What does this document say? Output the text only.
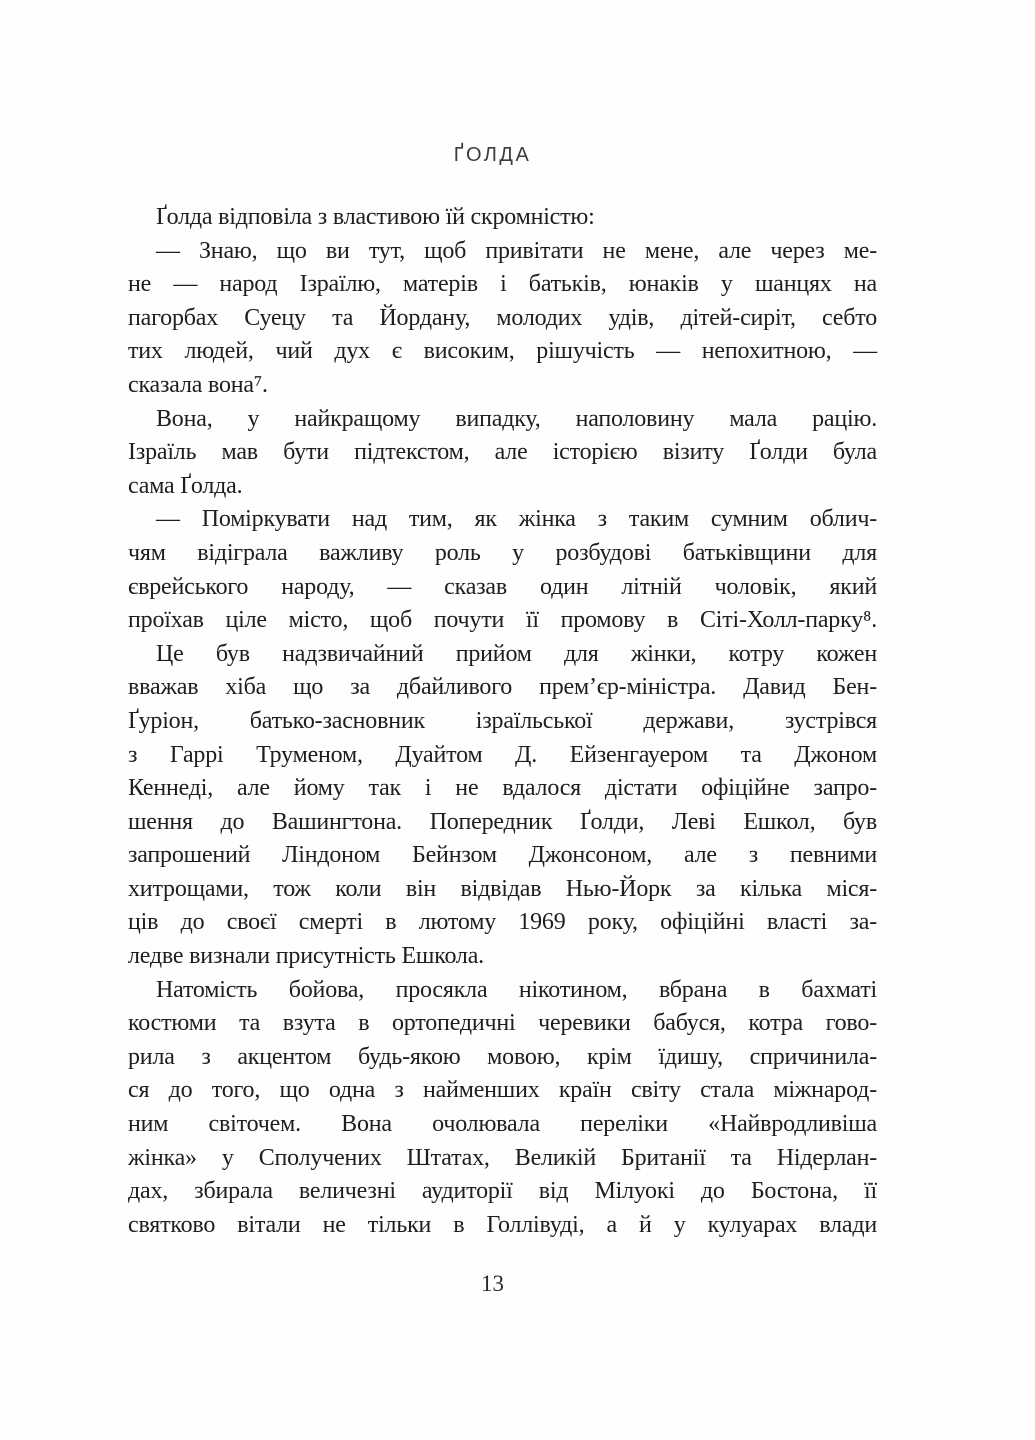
ҐОЛДА
Ґолда відповіла з властивою їй скромністю:
— Знаю, що ви тут, щоб привітати не мене, але через ме-
не — народ Ізраїлю, матерів і батьків, юнаків у шанцях на
пагорбах Суецу та Йордану, молодих удів, дітей-сиріт, себто
тих людей, чий дух є високим, рішучість — непохитною, —
сказала вона⁷.
Вона, у найкращому випадку, наполовину мала рацію.
Ізраїль мав бути підтекстом, але історією візиту Ґолди була
сама Ґолда.
— Поміркувати над тим, як жінка з таким сумним облич-
чям відіграла важливу роль у розбудові батьківщини для
єврейського народу, — сказав один літній чоловік, який
проїхав ціле місто, щоб почути її промову в Сіті-Холл-парку⁸.
Це був надзвичайний прийом для жінки, котру кожен
вважав хіба що за дбайливого прем’єр-міністра. Давид Бен-
Ґуріон, батько-засновник ізраїльської держави, зустрівся
з Гаррі Труменом, Дуайтом Д. Ейзенгауером та Джоном
Кеннеді, але йому так і не вдалося дістати офіційне запро-
шення до Вашингтона. Попередник Ґолди, Леві Ешкол, був
запрошений Ліндоном Бейнзом Джонсоном, але з певними
хитрощами, тож коли він відвідав Нью-Йорк за кілька міся-
ців до своєї смерті в лютому 1969 року, офіційні власті за-
ледве визнали присутність Ешкола.
Натомість бойова, просякла нікотином, вбрана в бахматі
костюми та взута в ортопедичні черевики бабуся, котра гово-
рила з акцентом будь-якою мовою, крім їдишу, спричинила-
ся до того, що одна з найменших країн світу стала міжнарод-
ним світочем. Вона очолювала переліки «Найвродливіша
жінка» у Сполучених Штатах, Великій Британії та Нідерлан-
дах, збирала величезні аудиторії від Мілуокі до Бостона, її
святково вітали не тільки в Голлівуді, а й у кулуарах влади
13
